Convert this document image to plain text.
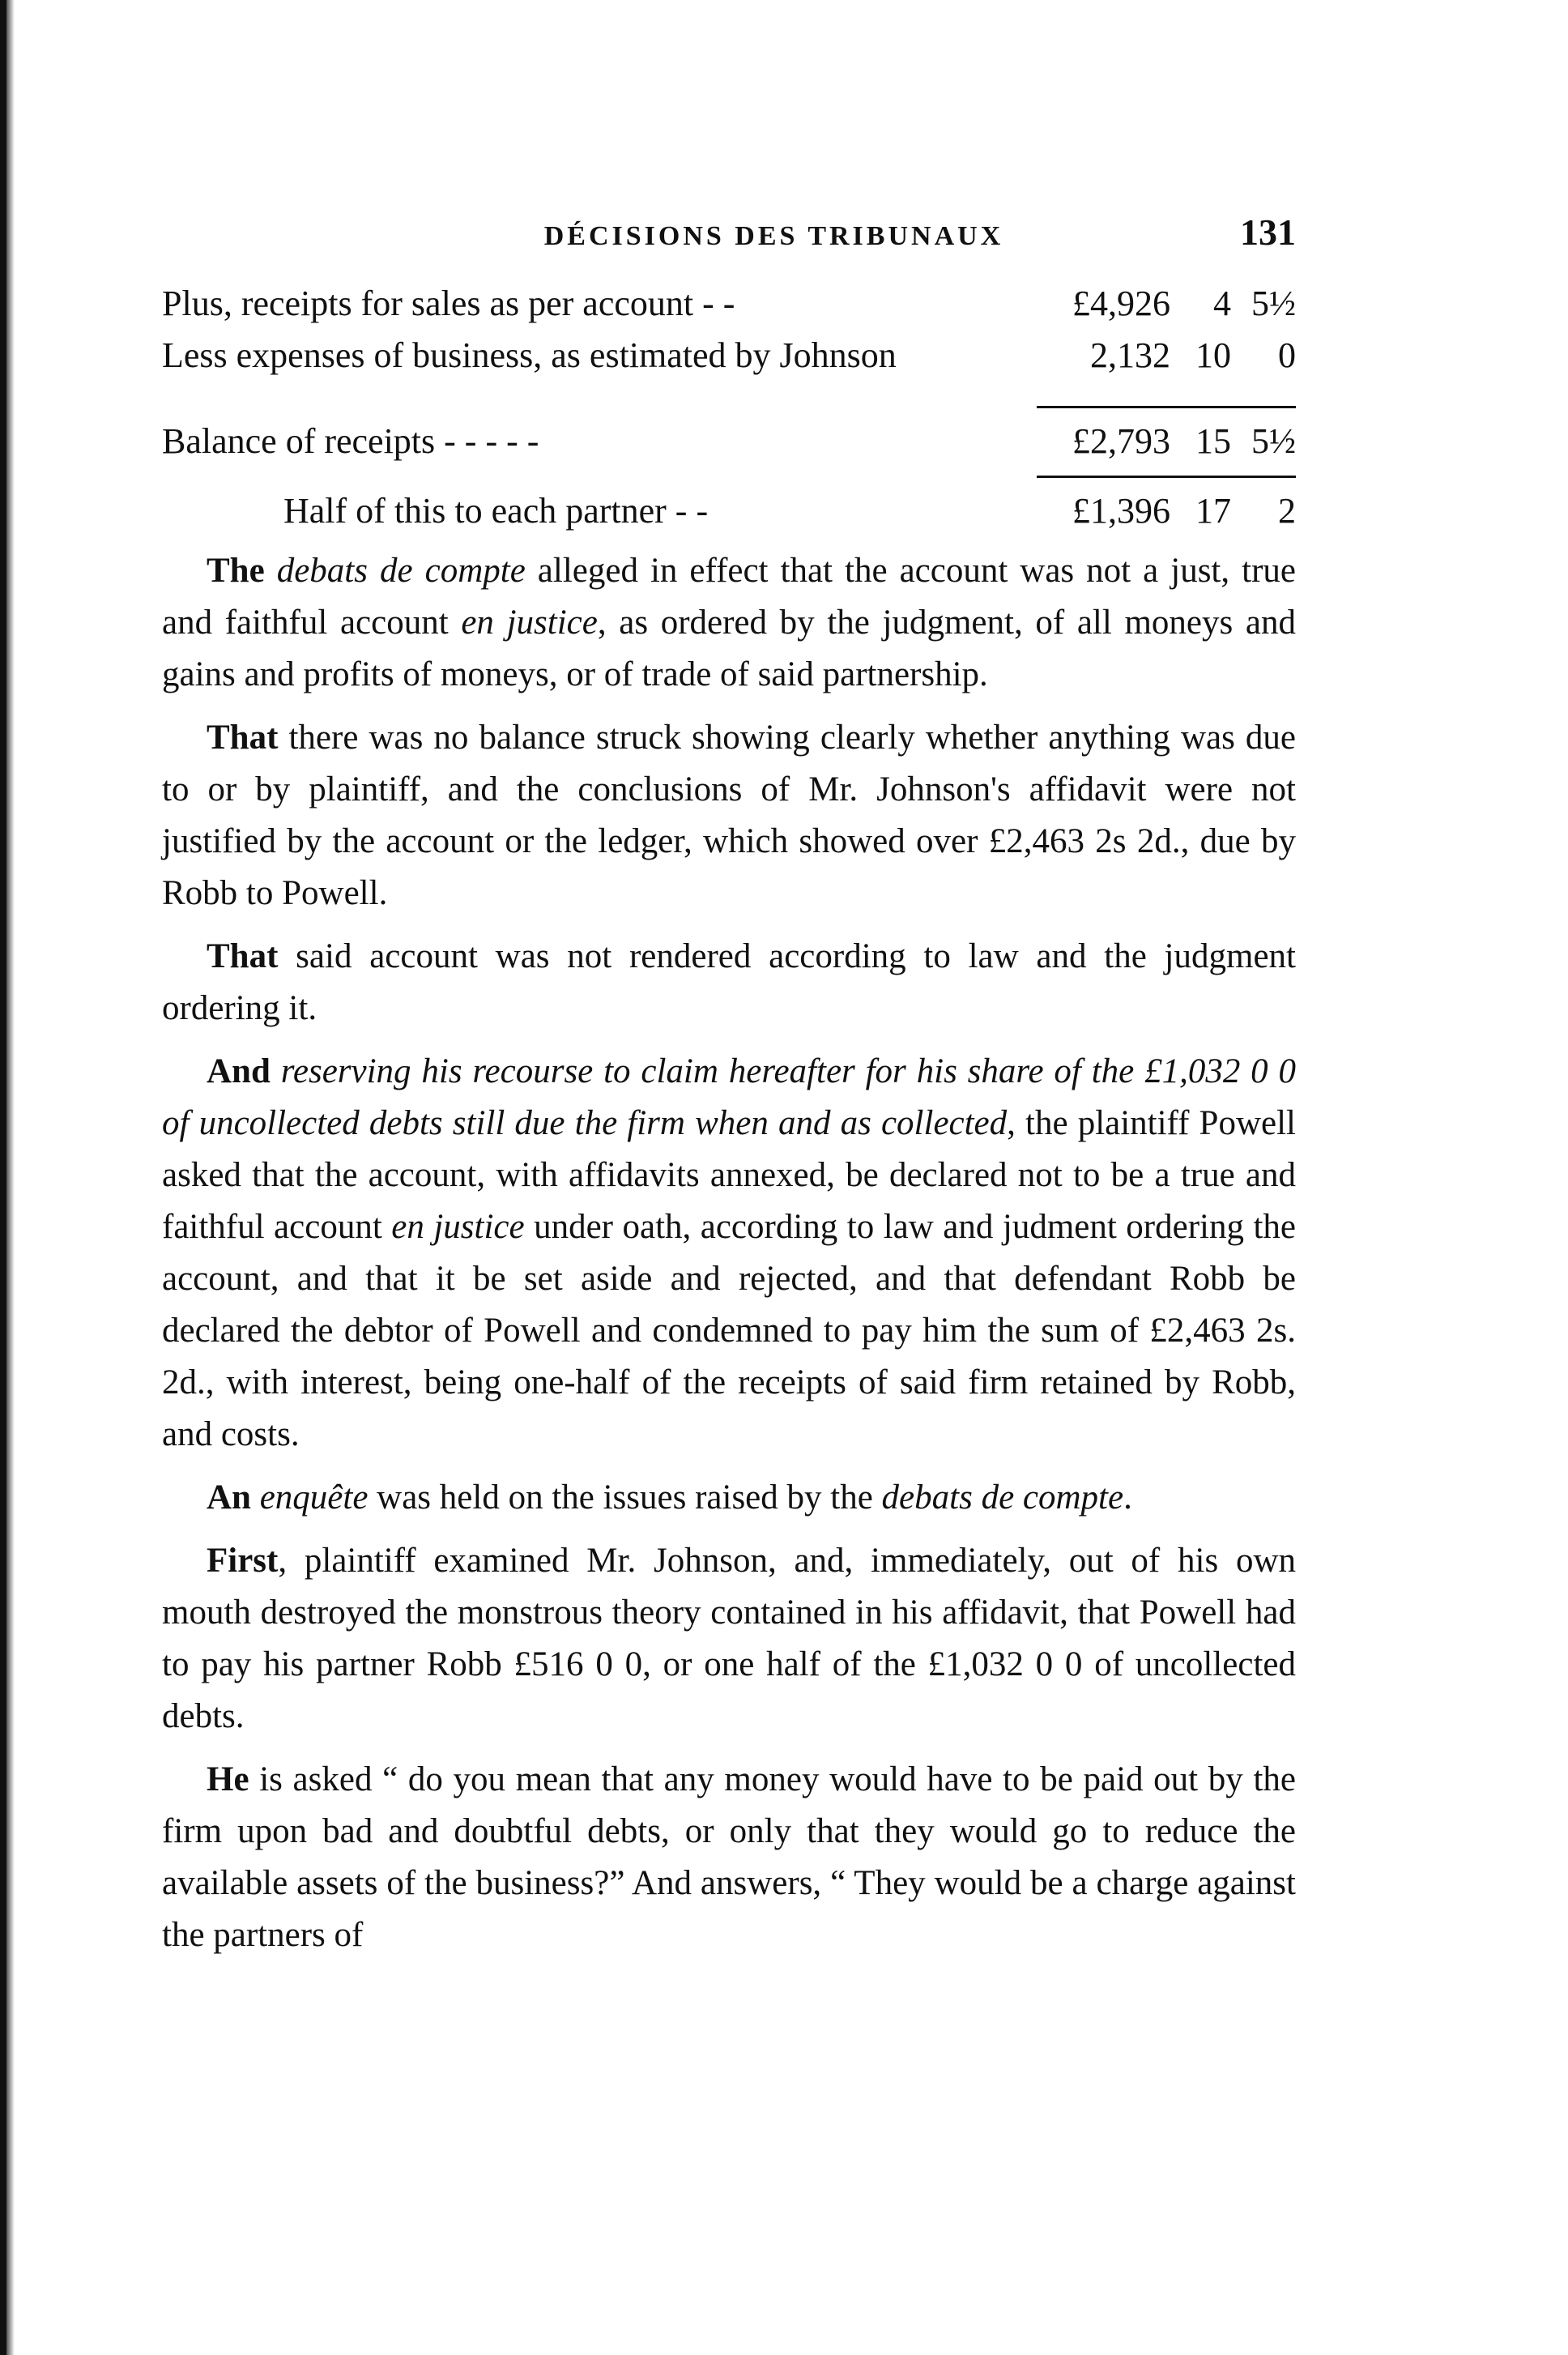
DÉCISIONS DES TRIBUNAUX	131
Plus, receipts for sales as per account - -	£4,926	4 5½
Less expenses of business, as estimated by Johnson	2,132 10	0
Balance of receipts - - - - -	£2,793 15 5½
Half of this to each partner - -	£1,396 17	2

The debats de compte alleged in effect that the account was not a just, true and faithful account en justice, as ordered by the judgment, of all moneys and gains and profits of moneys, or of trade of said partnership.

That there was no balance struck showing clearly whether anything was due to or by plaintiff, and the conclusions of Mr. Johnson's affidavit were not justified by the account or the ledger, which showed over £2,463 2s 2d., due by Robb to Powell.

That said account was not rendered according to law and the judgment ordering it.

And reserving his recourse to claim hereafter for his share of the £1,032 0 0 of uncollected debts still due the firm when and as collected, the plaintiff Powell asked that the account, with affidavits annexed, be declared not to be a true and faithful account en justice under oath, according to law and judment ordering the account, and that it be set aside and rejected, and that defendant Robb be declared the debtor of Powell and condemned to pay him the sum of £2,463 2s. 2d., with interest, being one-half of the receipts of said firm retained by Robb, and costs.

An enquête was held on the issues raised by the debats de compte.

First, plaintiff examined Mr. Johnson, and, immediately, out of his own mouth destroyed the monstrous theory contained in his affidavit, that Powell had to pay his partner Robb £516 0 0, or one half of the £1,032 0 0 of uncollected debts.

He is asked “ do you mean that any money would have to be paid out by the firm upon bad and doubtful debts, or only that they would go to reduce the available assets of the business?” And answers, “ They would be a charge against the partners of
